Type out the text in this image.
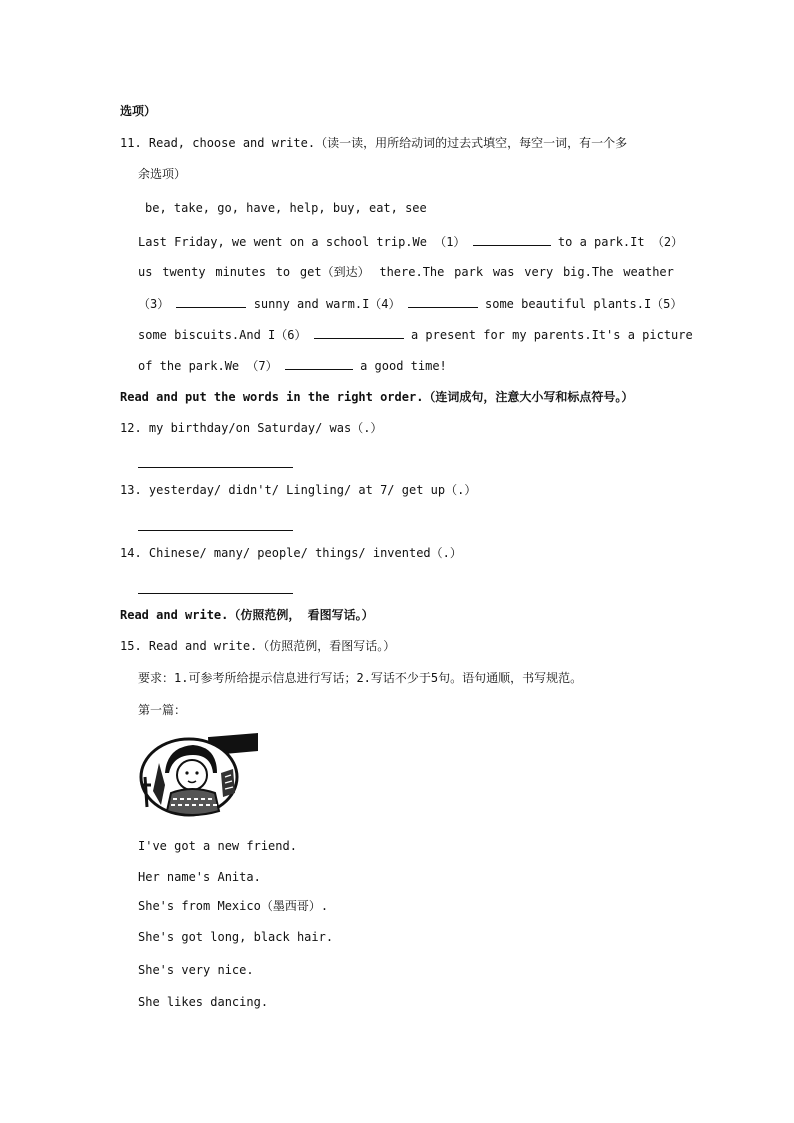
选项）
11. Read, choose and write.（读一读，用所给动词的过去式填空，每空一词，有一个多
余选项）
be, take, go, have, help, buy, eat, see
Last Friday, we went on a school trip.We （1）	to a park.It （2）
us twenty minutes to get（到达） there.The park was very big.The weather
（3）	sunny and warm.I（4）	some beautiful plants.I（5）
some biscuits.And I（6）	a present for my parents.It's a picture
of the park.We （7）	a good time!
Read and put the words in the right order.（连词成句，注意大小写和标点符号。）
12. my birthday/on Saturday/ was（.）
13. yesterday/ didn't/ Lingling/ at 7/ get up（.）
14. Chinese/ many/ people/ things/ invented（.）
Read and write.（仿照范例， 看图写话。）
15. Read and write.（仿照范例，看图写话。）
要求：1.可参考所给提示信息进行写话；2.写话不少于5句。语句通顺，书写规范。
第一篇：
I've got a new friend.
Her name's Anita.
She's from Mexico（墨西哥）.
She's got long, black hair.
She's very nice.
She likes dancing.
